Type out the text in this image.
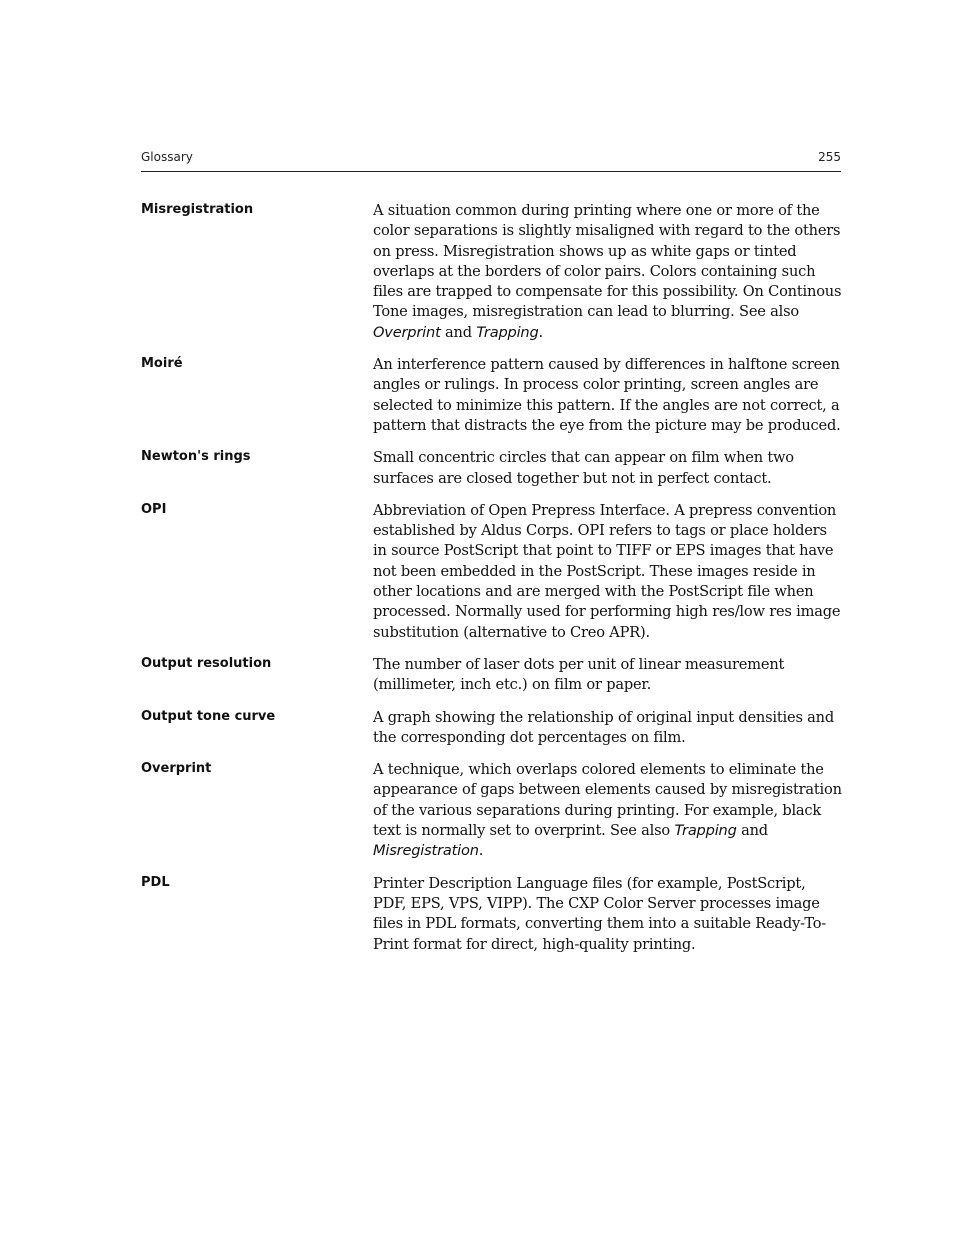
Glossary	255
Misregistration	A situation common during printing where one or more of the color separations is slightly misaligned with regard to the others on press. Misregistration shows up as white gaps or tinted overlaps at the borders of color pairs. Colors containing such files are trapped to compensate for this possibility. On Continous Tone images, misregistration can lead to blurring. See also Overprint and Trapping.
Moiré	An interference pattern caused by differences in halftone screen angles or rulings. In process color printing, screen angles are selected to minimize this pattern. If the angles are not correct, a pattern that distracts the eye from the picture may be produced.
Newton's rings	Small concentric circles that can appear on film when two surfaces are closed together but not in perfect contact.
OPI	Abbreviation of Open Prepress Interface. A prepress convention established by Aldus Corps. OPI refers to tags or place holders in source PostScript that point to TIFF or EPS images that have not been embedded in the PostScript. These images reside in other locations and are merged with the PostScript file when processed. Normally used for performing high res/low res image substitution (alternative to Creo APR).
Output resolution	The number of laser dots per unit of linear measurement (millimeter, inch etc.) on film or paper.
Output tone curve	A graph showing the relationship of original input densities and the corresponding dot percentages on film.
Overprint	A technique, which overlaps colored elements to eliminate the appearance of gaps between elements caused by misregistration of the various separations during printing. For example, black text is normally set to overprint. See also Trapping and Misregistration.
PDL	Printer Description Language files (for example, PostScript, PDF, EPS, VPS, VIPP). The CXP Color Server processes image files in PDL formats, converting them into a suitable Ready-To-Print format for direct, high-quality printing.
